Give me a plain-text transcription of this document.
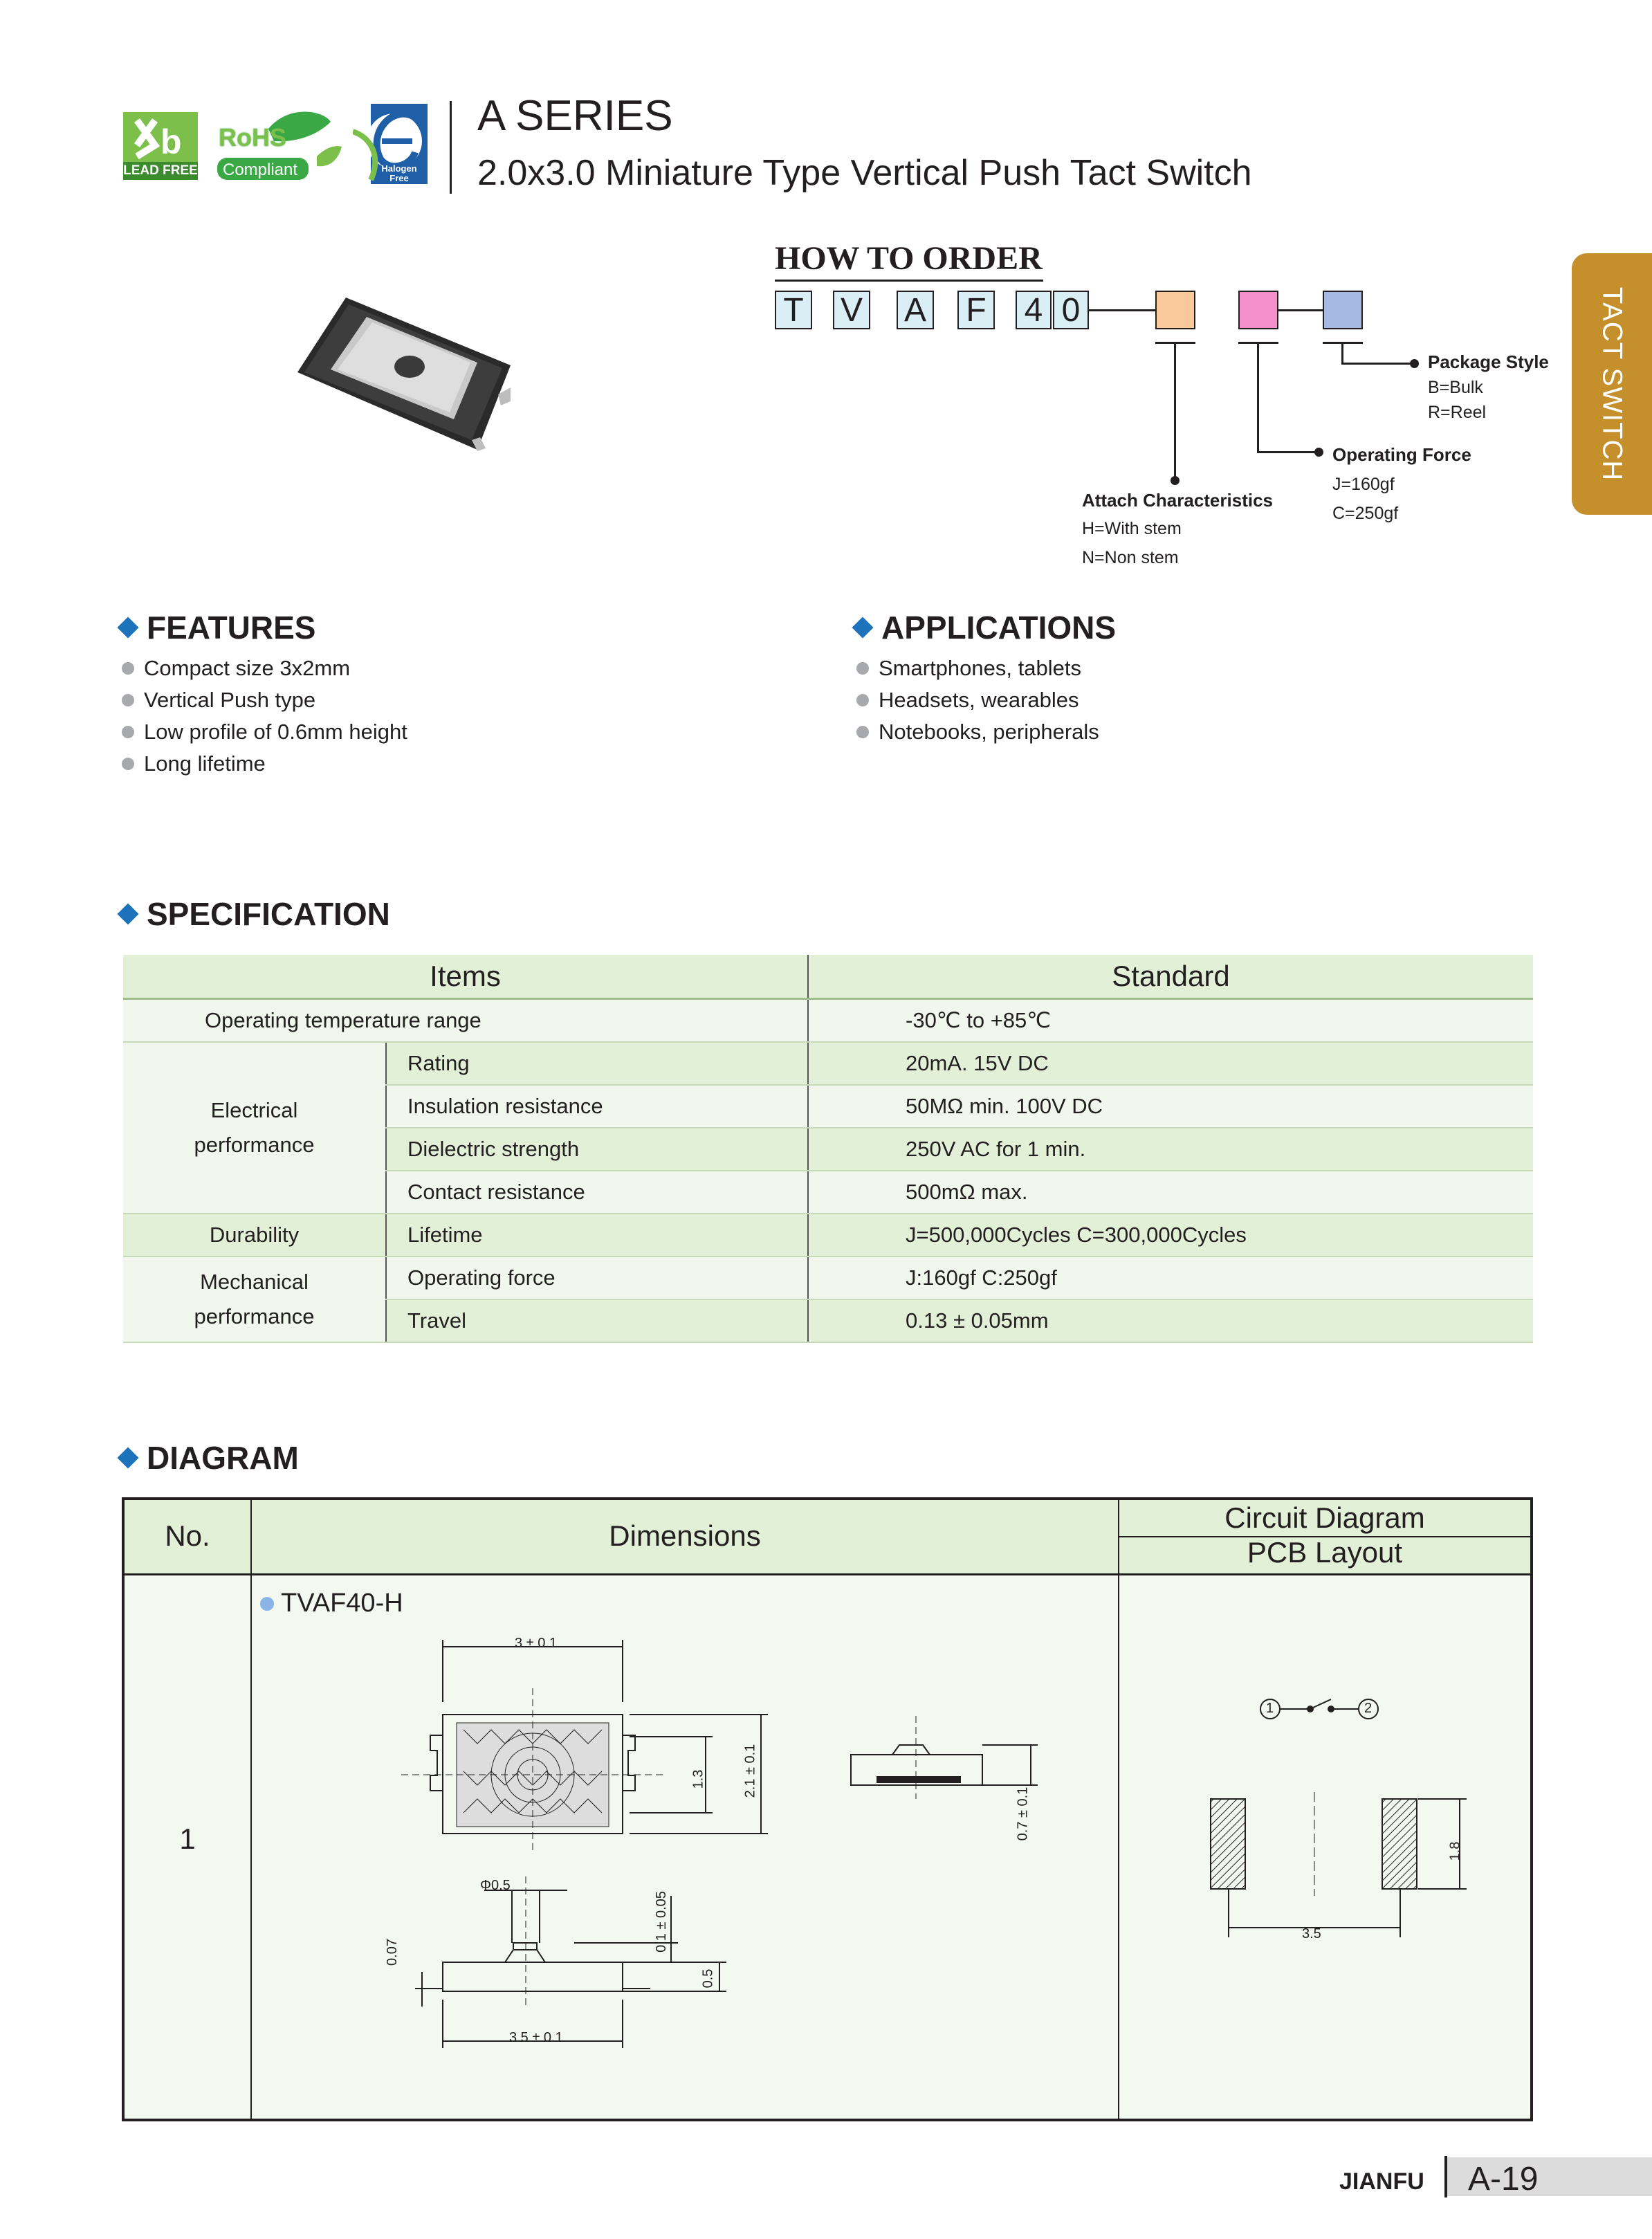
b
LEAD FREE
RoHS
Compliant	Halogen
Free
A SERIES
2.0x3.0 Miniature Type Vertical Push Tact Switch
TACT SWITCH
HOW TO ORDER
T V A F 4 0
Attach Characteristics
H=With stem
N=Non stem
Operating Force
J=160gf
C=250gf
Package Style
B=Bulk
R=Reel
FEATURES
Compact size 3x2mm
Vertical Push type
Low profile of 0.6mm height
Long lifetime
APPLICATIONS
Smartphones, tablets
Headsets, wearables
Notebooks, peripherals
SPECIFICATION
Items		Standard
Operating temperature range		-30℃ to +85℃

Electrical
performance	Rating	20mA. 15V DC
	Insulation resistance	50MΩ min. 100V DC
	Dielectric strength	250V AC for 1 min.
	Contact resistance	500mΩ max.
Durability	Lifetime	J=500,000Cycles C=300,000Cycles

Mechanical
performance	Operating force	J:160gf C:250gf
	Travel	0.13 ± 0.05mm
DIAGRAM
No.	Dimensions
Circuit Diagram
PCB Layout
1
TVAF40-H
3 ± 0.1
1.3	2.1 ± 0.1
0.7 ± 0.1
Φ0.5
0.1 ± 0.05
0.5
0.07
3.5 ± 0.1
1	2
1.8
3.5
JIANFU A-19
